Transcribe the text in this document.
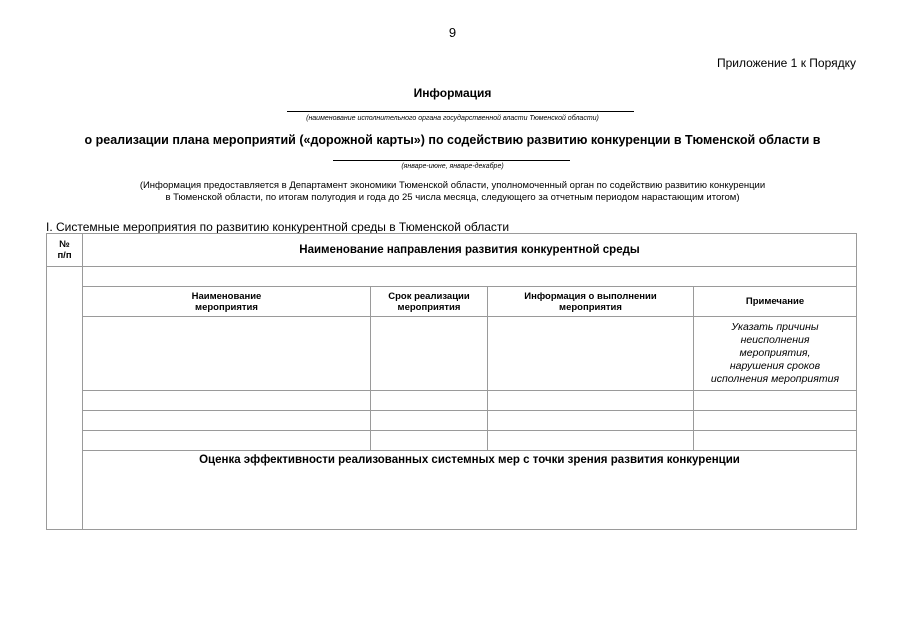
9
Приложение 1 к Порядку
Информация
(наименование исполнительного органа государственной власти Тюменской области)
о реализации плана мероприятий («дорожной карты») по содействию развитию конкуренции в Тюменской области в
(январе-июне, январе-декабре)
(Информация предоставляется в Департамент экономики Тюменской области, уполномоченный орган по содействию развитию конкуренции
в Тюменской области, по итогам полугодия и года до 25 числа месяца, следующего за отчетным периодом нарастающим итогом)
I. Системные мероприятия по развитию конкурентной среды в Тюменской области
№
п/п	Наименование направления развития конкурентной среды
Наименование
мероприятия
Срок реализации
мероприятия
Информация о выполнении
мероприятия	Примечание
Указать причины
неисполнения
мероприятия,
нарушения сроков
исполнения мероприятия
Оценка эффективности реализованных системных мер с точки зрения развития конкуренции
